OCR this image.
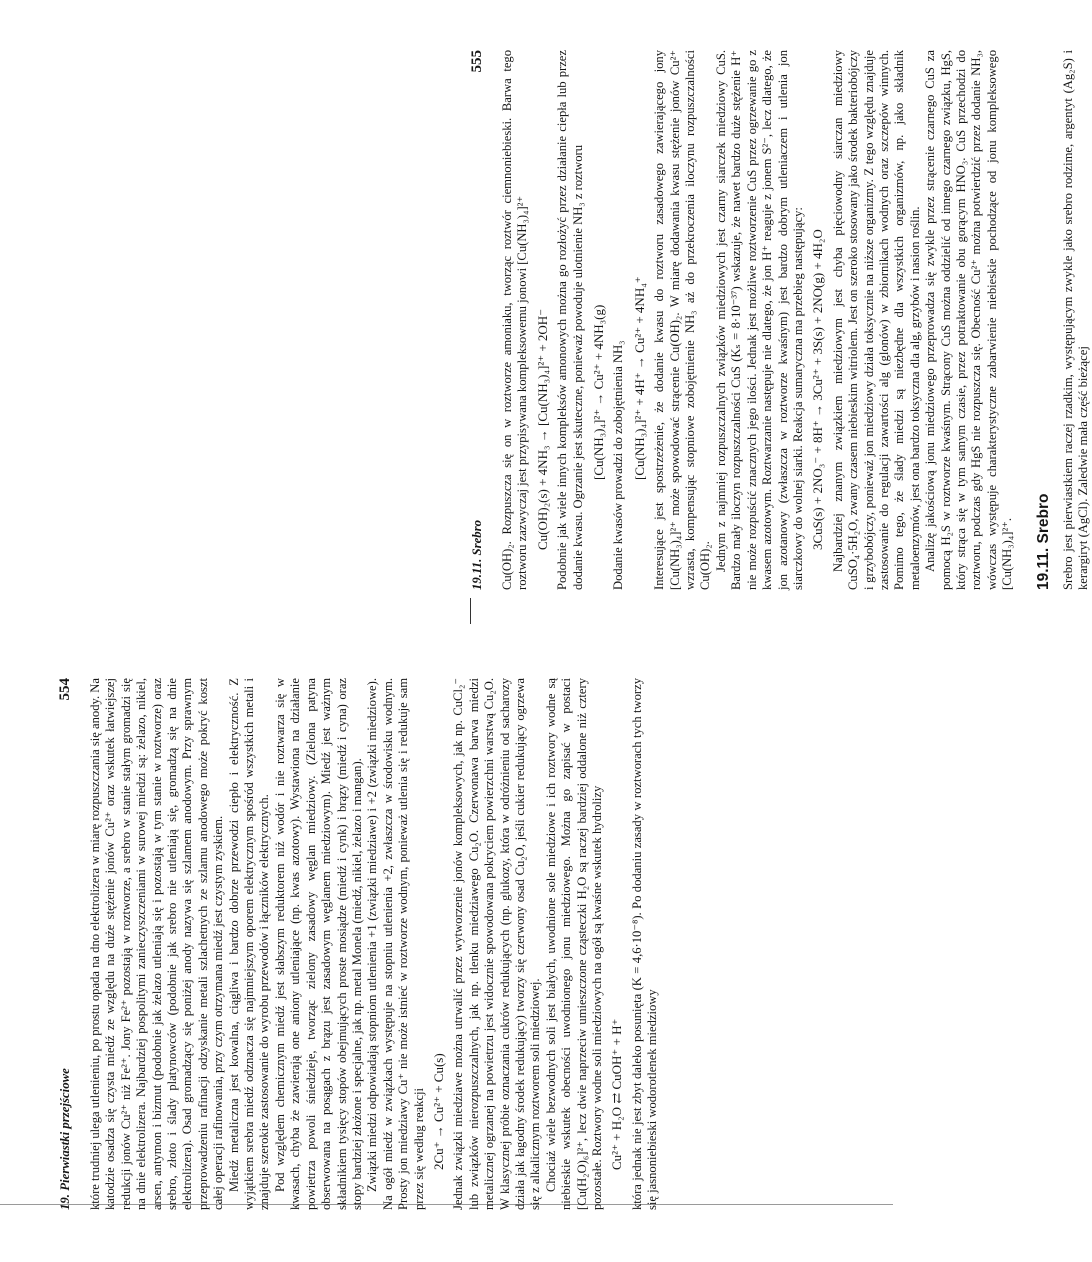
19. Pierwiastki przejściowe
554 które trudniej ulega utlenieniu, po prostu opada na dno elektrolizera w miarę rozpuszczania się anody. Na katodzie osadza się czysta miedź ze względu na duże stężenie jonów Cu²⁺ oraz wskutek łatwiejszej redukcji jonów Cu²⁺ niż Fe²⁺. Jony Fe²⁺ pozostają w roztworze, a srebro w stanie stałym gromadzi się na dnie elektrolizera. Najbardziej pospolitymi zanieczyszczeniami w surowej miedzi są: żelazo, nikiel, arsen, antymon i bizmut (podobnie jak żelazo utleniają się i pozostają w tym stanie w roztworze) oraz srebro, złoto i ślady platynowców (podobnie jak srebro nie utleniają się, gromadzą się na dnie elektrolizera). Osad gromadzący się poniżej anody nazywa się szlamem anodowym. Przy sprawnym przeprowadzeniu rafinacji odzyskanie metali szlachetnych ze szlamu anodowego może pokryć koszt całej operacji rafinowania, przy czym otrzymana miedź jest czystym zyskiem. Miedź metaliczna jest kowalna, ciągliwa i bardzo dobrze przewodzi ciepło i elektryczność. Z wyjątkiem srebra miedź odznacza się najmniejszym oporem elektrycznym spośród wszystkich metali i znajduje szerokie zastosowanie do wyrobu przewodów i łączników elektrycznych. Pod względem chemicznym miedź jest słabszym reduktorem niż wodór i nie roztwarza się w kwasach, chyba że zawierają one aniony utleniające (np. kwas azotowy). Wystawiona na działanie powietrza powoli śniedzieje, tworząc zielony zasadowy węglan miedziowy. (Zielona patyna obserwowana na posągach z brązu jest zasadowym węglanem miedziowym). Miedź jest ważnym składnikiem tysięcy stopów obejmujących proste mosiądze (miedź i cynk) i brązy (miedź i cyna) oraz stopy bardziej złożone i specjalne, jak np. metal Monela (miedź, nikiel, żelazo i mangan). Związki miedzi odpowiadają stopniom utlenienia +1 (związki miedziawe) i +2 (związki miedziowe). Na ogół miedź w związkach występuje na stopniu utlenienia +2, zwłaszcza w środowisku wodnym. Prosty jon miedziawy Cu⁺ nie może istnieć w roztworze wodnym, ponieważ utlenia się i redukuje sam przez się według reakcji 2Cu⁺ → Cu²⁺ + Cu(s) Jednak związki miedziawe można utrwalić przez wytworzenie jonów kompleksowych, jak np. CuCl₂⁻ lub związków nierozpuszczalnych, jak np. tlenku miedziawego Cu₂O. Czerwonawa barwa miedzi metalicznej ogrzanej na powietrzu jest widocznie spowodowana pokryciem powierzchni warstwą Cu₂O. W klasycznej próbie oznaczania cukrów redukujących (np. glukozy, która w odróżnieniu od sacharozy działa jak łagodny środek redukujący) tworzy się czerwony osad Cu₂O, jeśli cukier redukujący ogrzewa się z alkalicznym roztworem soli miedziowej. Chociaż wiele bezwodnych soli jest białych, uwodnione sole miedziowe i ich roztwory wodne są niebieskie wskutek obecności uwodnionego jonu miedziowego. Można go zapisać w postaci [Cu(H₂O)₆]²⁺, lecz dwie naprzeciw umieszczone cząsteczki H₂O są raczej bardziej oddalone niż cztery pozostałe. Roztwory wodne soli miedziowych na ogół są kwaśne wskutek hydrolizy Cu²⁺ + H₂O ⇄ CuOH⁺ + H⁺ która jednak nie jest zbyt daleko posunięta (K = 4,6·10⁻⁸). Po dodaniu zasady w roztworach tych tworzy się jasnoniebieski wodorotlenek miedziowy

19.11. Srebro
555 Cu(OH)₂. Rozpuszcza się on w roztworze amoniaku, tworząc roztwór ciemnoniebieski. Barwa tego roztworu zazwyczaj jest przypisywana kompleksowemu jonowi [Cu(NH₃)₄]²⁺ Cu(OH)₂(s) + 4NH₃ → [Cu(NH₃)₄]²⁺ + 2OH⁻ Podobnie jak wiele innych kompleksów amonowych można go rozłożyć przez działanie ciepła lub przez dodanie kwasu. Ogrzanie jest skuteczne, ponieważ powoduje ulotnienie NH₃ z roztworu [Cu(NH₃)₄]²⁺ → Cu²⁺ + 4NH₃(g) Dodanie kwasów prowadzi do zobojętnienia NH₃ [Cu(NH₃)₄]²⁺ + 4H⁺ → Cu²⁺ + 4NH₄⁺ Interesujące jest spostrzeżenie, że dodanie kwasu do roztworu zasadowego zawierającego jony [Cu(NH₃)₄]²⁺ może spowodować strącenie Cu(OH)₂. W miarę dodawania kwasu stężenie jonów Cu²⁺ wzrasta, kompensując stopniowe zobojętnienie NH₃ aż do przekroczenia iloczynu rozpuszczalności Cu(OH)₂. Jednym z najmniej rozpuszczalnych związków miedziowych jest czarny siarczek miedziowy CuS. Bardzo mały iloczyn rozpuszczalności CuS (Kₛ = 8·10⁻³⁷) wskazuje, że nawet bardzo duże stężenie H⁺ nie może rozpuścić znacznych jego ilości. Jednak jest możliwe roztworzenie CuS przez ogrzewanie go z kwasem azotowym. Roztwarzanie następuje nie dlatego, że jon H⁺ reaguje z jonem S²⁻, lecz dlatego, że jon azotanowy (zwłaszcza w roztworze kwaśnym) jest bardzo dobrym utleniaczem i utlenia jon siarczkowy do wolnej siarki. Reakcja sumaryczna ma przebieg następujący: 3CuS(s) + 2NO₃⁻ + 8H⁺ → 3Cu²⁺ + 3S(s) + 2NO(g) + 4H₂O Najbardziej znanym związkiem miedziowym jest chyba pięciowodny siarczan miedziowy CuSO₄·5H₂O, zwany czasem niebieskim witriolem. Jest on szeroko stosowany jako środek bakteriobójczy i grzybobójczy, ponieważ jon miedziowy działa toksycznie na niższe organizmy. Z tego względu znajduje zastosowanie do regulacji zawartości alg (glonów) w zbiornikach wodnych oraz szczepów winnych. Pomimo tego, że ślady miedzi są niezbędne dla wszystkich organizmów, np. jako składnik metaloenzymów, jest ona bardzo toksyczna dla alg, grzybów i nasion roślin. Analizę jakościową jonu miedziowego przeprowadza się zwykle przez strącenie czarnego CuS za pomocą H₂S w roztworze kwaśnym. Strącony CuS można oddzielić od innego czarnego związku, HgS, który strąca się w tym samym czasie, przez potraktowanie obu gorącym HNO₃. CuS przechodzi do roztworu, podczas gdy HgS nie rozpuszcza się. Obecność Cu²⁺ można potwierdzić przez dodanie NH₃, wówczas występuje charakterystyczne zabarwienie niebieskie pochodzące od jonu kompleksowego [Cu(NH₃)₄]²⁺. 19.11. Srebro Srebro jest pierwiastkiem raczej rzadkim, występującym zwykle jako srebro rodzime, argentyt (Ag₂S) i kerargiryt (AgCl). Zaledwie mała część bieżącej
